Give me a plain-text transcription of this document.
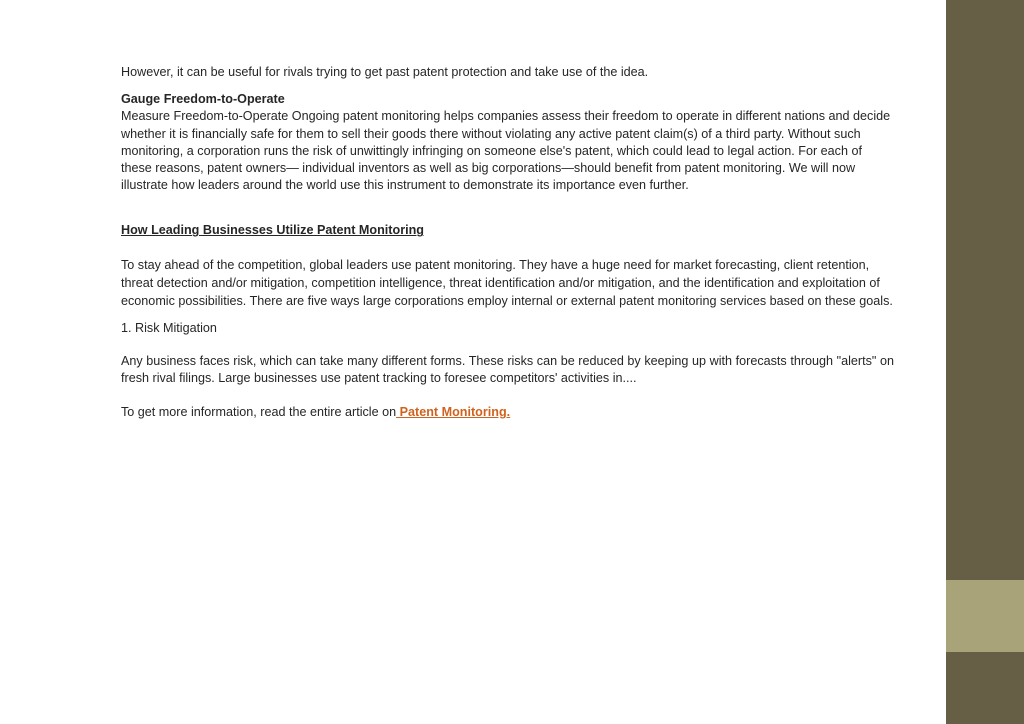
However, it can be useful for rivals trying to get past patent protection and take use of the idea.

Gauge Freedom-to-Operate
Measure Freedom-to-Operate Ongoing patent monitoring helps companies assess their freedom to operate in different nations and decide whether it is financially safe for them to sell their goods there without violating any active patent claim(s) of a third party. Without such monitoring, a corporation runs the risk of unwittingly infringing on someone else's patent, which could lead to legal action. For each of these reasons, patent owners— individual inventors as well as big corporations—should benefit from patent monitoring. We will now illustrate how leaders around the world use this instrument to demonstrate its importance even further.

How Leading Businesses Utilize Patent Monitoring

To stay ahead of the competition, global leaders use patent monitoring. They have a huge need for market forecasting, client retention, threat detection and/or mitigation, competition intelligence, threat identification and/or mitigation, and the identification and exploitation of economic possibilities. There are five ways large corporations employ internal or external patent monitoring services based on these goals.

1. Risk Mitigation

Any business faces risk, which can take many different forms. These risks can be reduced by keeping up with forecasts through "alerts" on fresh rival filings. Large businesses use patent tracking to foresee competitors' activities in....

To get more information, read the entire article on Patent Monitoring.
